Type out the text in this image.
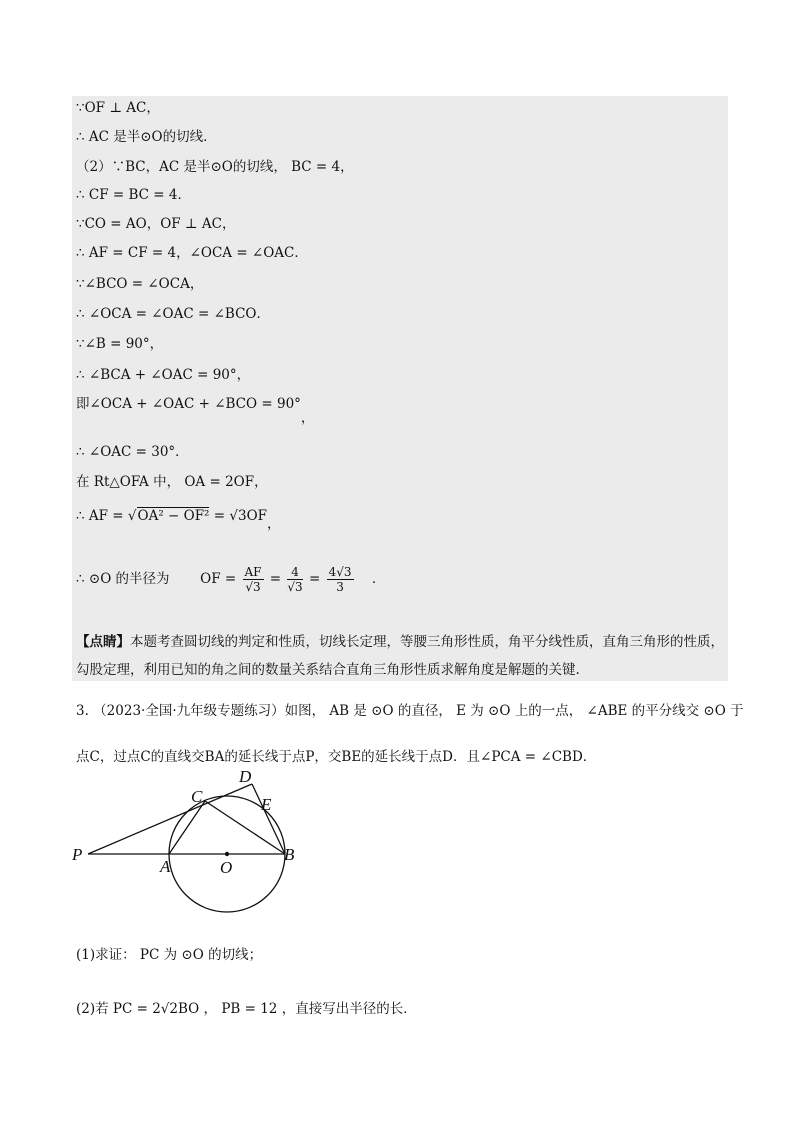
∵OF ⊥ AC，
∴ AC 是半⊙O的切线．
（2）∵BC，AC 是半⊙O的切线， BC = 4，
∴ CF = BC = 4．
∵CO = AO，OF ⊥ AC，
∴ AF = CF = 4，∠OCA = ∠OAC．
∵∠BCO = ∠OCA，
∴ ∠OCA = ∠OAC = ∠BCO．
∵∠B = 90°，
∴ ∠BCA + ∠OAC = 90°，
即∠OCA + ∠OAC + ∠BCO = 90°，
∴ ∠OAC = 30°．
在 Rt△OFA 中， OA = 2OF，
∴ AF = √OA² − OF² = √3OF，
∴ ⊙O 的半径为 OF = $\frac{AF}{√3} = \frac{4}{√3} = \frac{4√3}{3}$ ．
【点睛】本题考查圆切线的判定和性质，切线长定理，等腰三角形性质，角平分线性质，直角三角形的性质，勾股定理，利用已知的角之间的数量关系结合直角三角形性质求解角度是解题的关键.
3. （2023·全国·九年级专题练习）如图， AB 是 ⊙O 的直径， E 为 ⊙O 上的一点， ∠ABE 的平分线交 ⊙O 于
点C，过点C的直线交BA的延长线于点P，交BE的延长线于点D．且∠PCA = ∠CBD．
P
A	O
B
C
D
E
(1)求证： PC 为 ⊙O 的切线；
(2)若 PC = 2√2BO ， PB = 12 ，直接写出半径的长．
